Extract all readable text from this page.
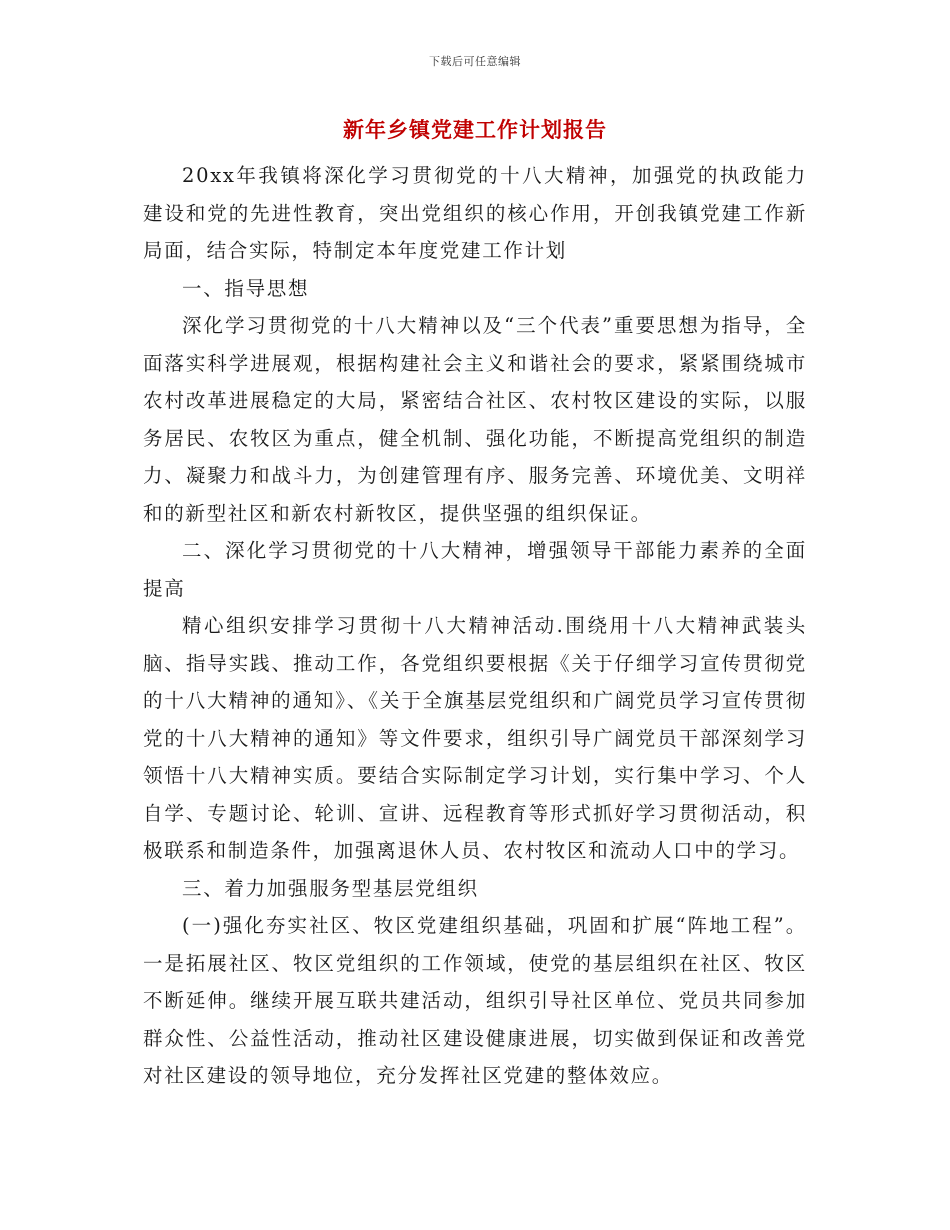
下载后可任意编辑
新年乡镇党建工作计划报告

20xx年我镇将深化学习贯彻党的十八大精神，加强党的执政能力建设和党的先进性教育，突出党组织的核心作用，开创我镇党建工作新局面，结合实际，特制定本年度党建工作计划

一、指导思想

深化学习贯彻党的十八大精神以及“三个代表”重要思想为指导，全面落实科学进展观，根据构建社会主义和谐社会的要求，紧紧围绕城市农村改革进展稳定的大局，紧密结合社区、农村牧区建设的实际，以服务居民、农牧区为重点，健全机制、强化功能，不断提高党组织的制造力、凝聚力和战斗力，为创建管理有序、服务完善、环境优美、文明祥和的新型社区和新农村新牧区，提供坚强的组织保证。

二、深化学习贯彻党的十八大精神，增强领导干部能力素养的全面提高

精心组织安排学习贯彻十八大精神活动.围绕用十八大精神武装头脑、指导实践、推动工作，各党组织要根据《关于仔细学习宣传贯彻党的十八大精神的通知》、《关于全旗基层党组织和广阔党员学习宣传贯彻党的十八大精神的通知》等文件要求，组织引导广阔党员干部深刻学习领悟十八大精神实质。要结合实际制定学习计划，实行集中学习、个人自学、专题讨论、轮训、宣讲、远程教育等形式抓好学习贯彻活动，积极联系和制造条件，加强离退休人员、农村牧区和流动人口中的学习。

三、着力加强服务型基层党组织

(一)强化夯实社区、牧区党建组织基础，巩固和扩展“阵地工程”。一是拓展社区、牧区党组织的工作领域，使党的基层组织在社区、牧区不断延伸。继续开展互联共建活动，组织引导社区单位、党员共同参加群众性、公益性活动，推动社区建设健康进展，切实做到保证和改善党对社区建设的领导地位，充分发挥社区党建的整体效应。
